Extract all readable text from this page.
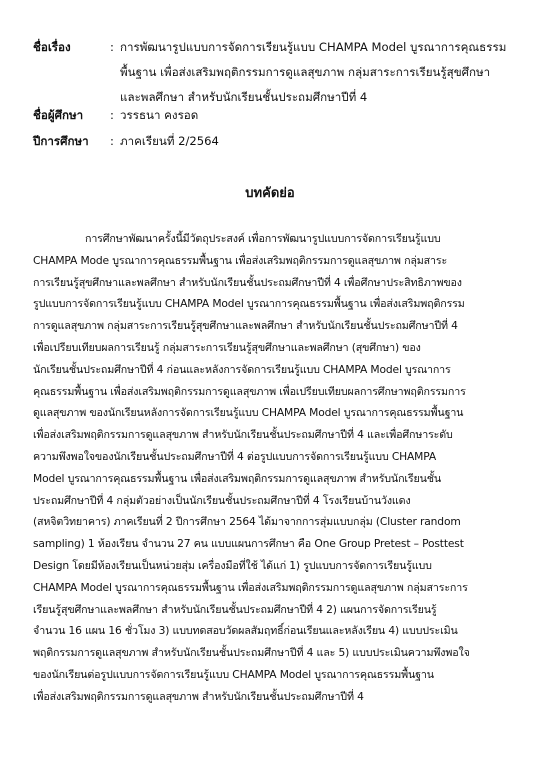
ชื่อเรื่อง	: การพัฒนารูปแบบการจัดการเรียนรู้แบบ CHAMPA Model บูรณาการคุณธรรม
พื้นฐาน เพื่อส่งเสริมพฤติกรรมการดูแลสุขภาพ กลุ่มสาระการเรียนรู้สุขศึกษา
และพลศึกษา สำหรับนักเรียนชั้นประถมศึกษาปีที่ 4
ชื่อผู้ศึกษา : วรรธนา คงรอด
ปีการศึกษา : ภาคเรียนที่ 2/2564
บทคัดย่อ
การศึกษาพัฒนาครั้งนี้มีวัตถุประสงค์ เพื่อการพัฒนารูปแบบการจัดการเรียนรู้แบบ
CHAMPA Mode บูรณาการคุณธรรมพื้นฐาน เพื่อส่งเสริมพฤติกรรมการดูแลสุขภาพ กลุ่มสาระ
การเรียนรู้สุขศึกษาและพลศึกษา สำหรับนักเรียนชั้นประถมศึกษาปีที่ 4 เพื่อศึกษาประสิทธิภาพของ
รูปแบบการจัดการเรียนรู้แบบ CHAMPA Model บูรณาการคุณธรรมพื้นฐาน เพื่อส่งเสริมพฤติกรรม
การดูแลสุขภาพ กลุ่มสาระการเรียนรู้สุขศึกษาและพลศึกษา สำหรับนักเรียนชั้นประถมศึกษาปีที่ 4
เพื่อเปรียบเทียบผลการเรียนรู้ กลุ่มสาระการเรียนรู้สุขศึกษาและพลศึกษา (สุขศึกษา) ของ
นักเรียนชั้นประถมศึกษาปีที่ 4 ก่อนและหลังการจัดการเรียนรู้แบบ CHAMPA Model บูรณาการ
คุณธรรมพื้นฐาน เพื่อส่งเสริมพฤติกรรมการดูแลสุขภาพ เพื่อเปรียบเทียบผลการศึกษาพฤติกรรมการ
ดูแลสุขภาพ ของนักเรียนหลังการจัดการเรียนรู้แบบ CHAMPA Model บูรณาการคุณธรรมพื้นฐาน
เพื่อส่งเสริมพฤติกรรมการดูแลสุขภาพ สำหรับนักเรียนชั้นประถมศึกษาปีที่ 4 และเพื่อศึกษาระดับ
ความพึงพอใจของนักเรียนชั้นประถมศึกษาปีที่ 4 ต่อรูปแบบการจัดการเรียนรู้แบบ CHAMPA
Model บูรณาการคุณธรรมพื้นฐาน เพื่อส่งเสริมพฤติกรรมการดูแลสุขภาพ สำหรับนักเรียนชั้น
ประถมศึกษาปีที่ 4 กลุ่มตัวอย่างเป็นนักเรียนชั้นประถมศึกษาปีที่ 4 โรงเรียนบ้านวังแดง
(สหจิตวิทยาคาร) ภาคเรียนที่ 2 ปีการศึกษา 2564 ได้มาจากการสุ่มแบบกลุ่ม (Cluster random
sampling) 1 ห้องเรียน จำนวน 27 คน แบบแผนการศึกษา คือ One Group Pretest – Posttest
Design โดยมีห้องเรียนเป็นหน่วยสุ่ม เครื่องมือที่ใช้ ได้แก่ 1) รูปแบบการจัดการเรียนรู้แบบ
CHAMPA Model บูรณาการคุณธรรมพื้นฐาน เพื่อส่งเสริมพฤติกรรมการดูแลสุขภาพ กลุ่มสาระการ
เรียนรู้สุขศึกษาและพลศึกษา สำหรับนักเรียนชั้นประถมศึกษาปีที่ 4 2) แผนการจัดการเรียนรู้
จำนวน 16 แผน 16 ชั่วโมง 3) แบบทดสอบวัดผลสัมฤทธิ์ก่อนเรียนและหลังเรียน 4) แบบประเมิน
พฤติกรรมการดูแลสุขภาพ สำหรับนักเรียนชั้นประถมศึกษาปีที่ 4 และ 5) แบบประเมินความพึงพอใจ
ของนักเรียนต่อรูปแบบการจัดการเรียนรู้แบบ CHAMPA Model บูรณาการคุณธรรมพื้นฐาน
เพื่อส่งเสริมพฤติกรรมการดูแลสุขภาพ สำหรับนักเรียนชั้นประถมศึกษาปีที่ 4
